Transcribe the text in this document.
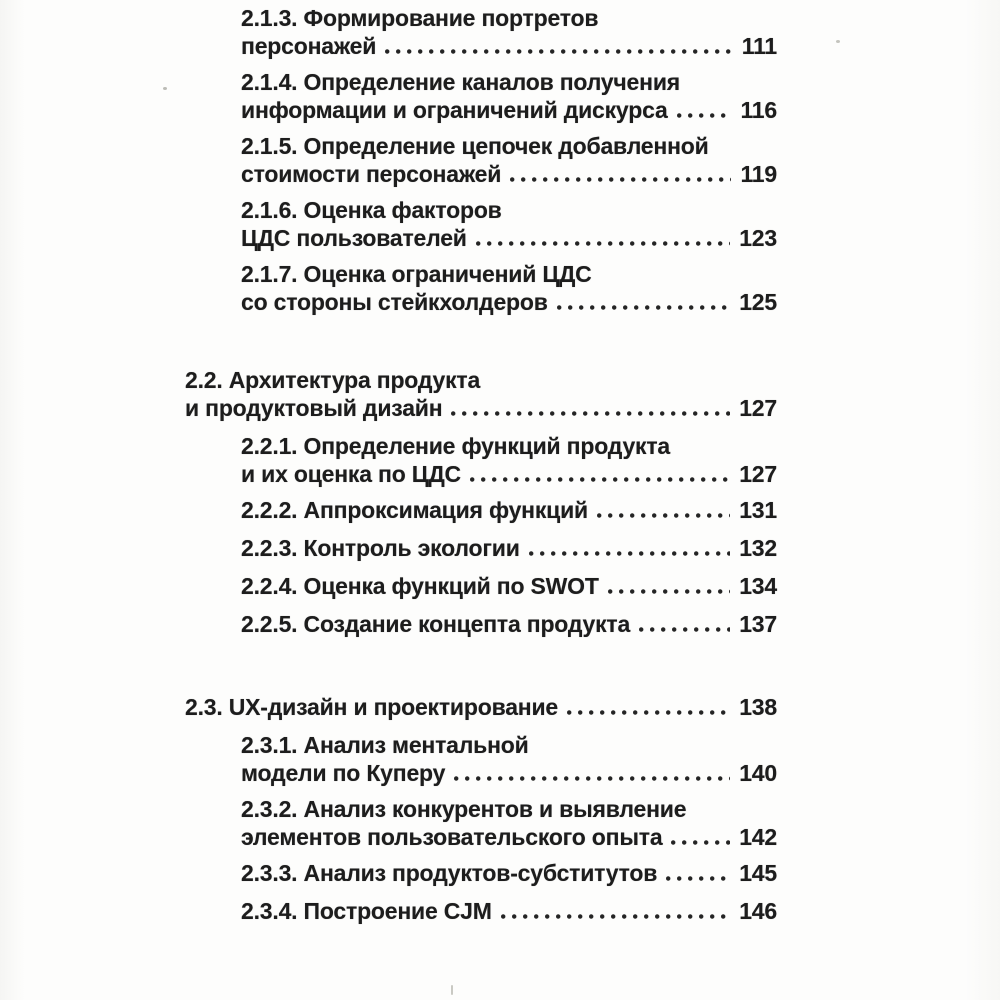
2.1.3. Формирование портретов
персонажей	111
2.1.4. Определение каналов получения
информации и ограничений дискурса	116
2.1.5. Определение цепочек добавленной
стоимости персонажей	119
2.1.6. Оценка факторов
ЦДС пользователей	123
2.1.7. Оценка ограничений ЦДС
со стороны стейкхолдеров	125
2.2. Архитектура продукта
и продуктовый дизайн	127
2.2.1. Определение функций продукта
и их оценка по ЦДС	127
2.2.2. Аппроксимация функций	131
2.2.3. Контроль экологии	132
2.2.4. Оценка функций по SWOT	134
2.2.5. Создание концепта продукта	137
2.3. UX-дизайн и проектирование	138
2.3.1. Анализ ментальной
модели по Куперу	140
2.3.2. Анализ конкурентов и выявление
элементов пользовательского опыта	142
2.3.3. Анализ продуктов-субститутов	145
2.3.4. Построение CJM	146
